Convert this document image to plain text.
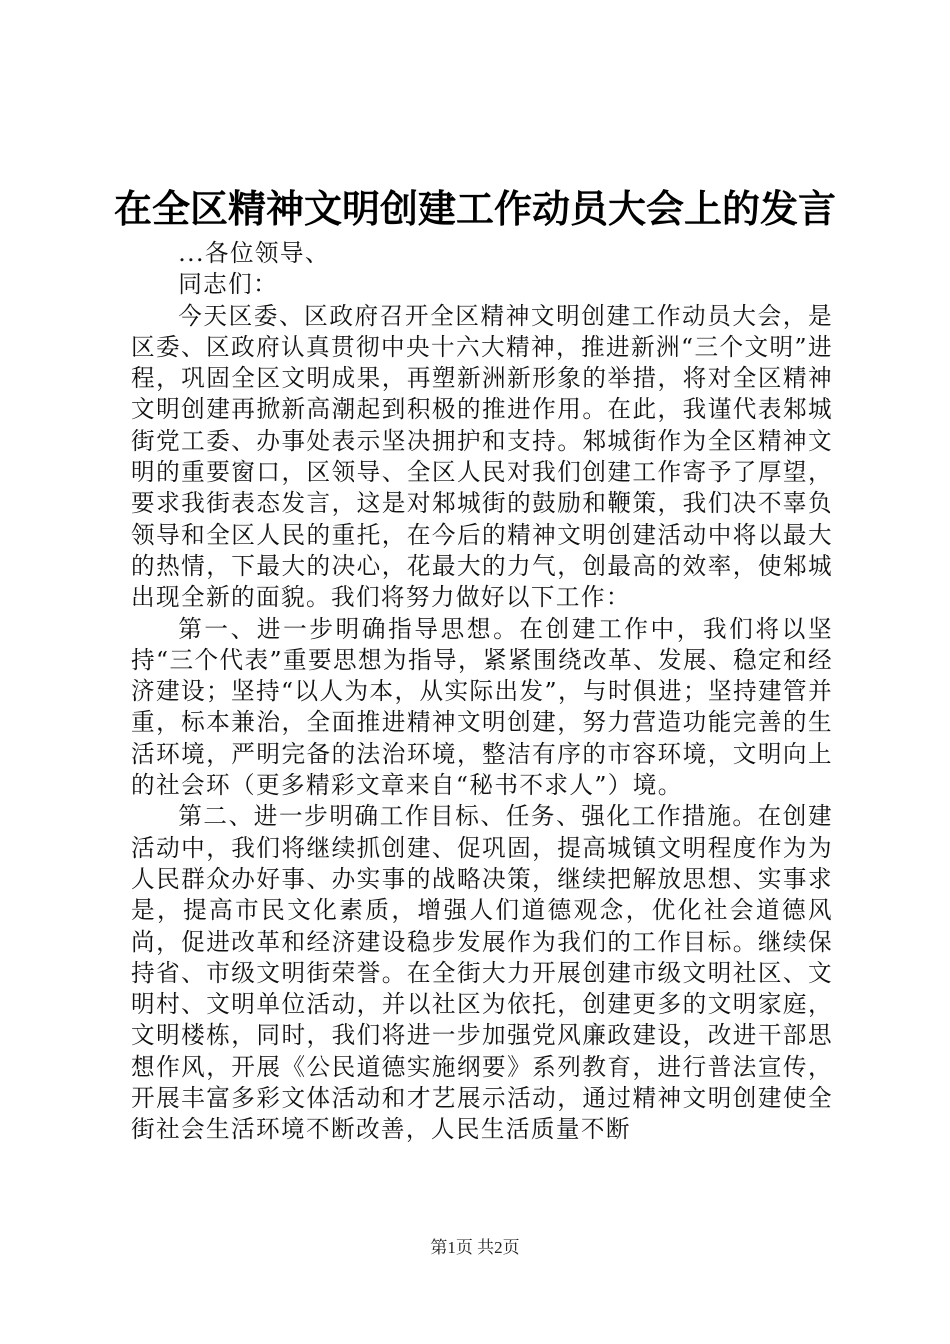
在全区精神文明创建工作动员大会上的发言

...各位领导、

同志们：

今天区委、区政府召开全区精神文明创建工作动员大会，是区委、区政府认真贯彻中央十六大精神，推进新洲“三个文明”进程，巩固全区文明成果，再塑新洲新形象的举措，将对全区精神文明创建再掀新高潮起到积极的推进作用。在此，我谨代表邾城街党工委、办事处表示坚决拥护和支持。邾城街作为全区精神文明的重要窗口，区领导、全区人民对我们创建工作寄予了厚望，要求我街表态发言，这是对邾城街的鼓励和鞭策，我们决不辜负领导和全区人民的重托，在今后的精神文明创建活动中将以最大的热情，下最大的决心，花最大的力气，创最高的效率，使邾城出现全新的面貌。我们将努力做好以下工作：

第一、进一步明确指导思想。在创建工作中，我们将以坚持“三个代表”重要思想为指导，紧紧围绕改革、发展、稳定和经济建设；坚持“以人为本，从实际出发”，与时俱进；坚持建管并重，标本兼治，全面推进精神文明创建，努力营造功能完善的生活环境，严明完备的法治环境，整洁有序的市容环境，文明向上的社会环（更多精彩文章来自“秘书不求人”）境。

第二、进一步明确工作目标、任务、强化工作措施。在创建活动中，我们将继续抓创建、促巩固，提高城镇文明程度作为为人民群众办好事、办实事的战略决策，继续把解放思想、实事求是，提高市民文化素质，增强人们道德观念，优化社会道德风尚，促进改革和经济建设稳步发展作为我们的工作目标。继续保持省、市级文明街荣誉。在全街大力开展创建市级文明社区、文明村、文明单位活动，并以社区为依托，创建更多的文明家庭，文明楼栋，同时，我们将进一步加强党风廉政建设，改进干部思想作风，开展《公民道德实施纲要》系列教育，进行普法宣传，开展丰富多彩文体活动和才艺展示活动，通过精神文明创建使全街社会生活环境不断改善，人民生活质量不断

第1页 共2页
